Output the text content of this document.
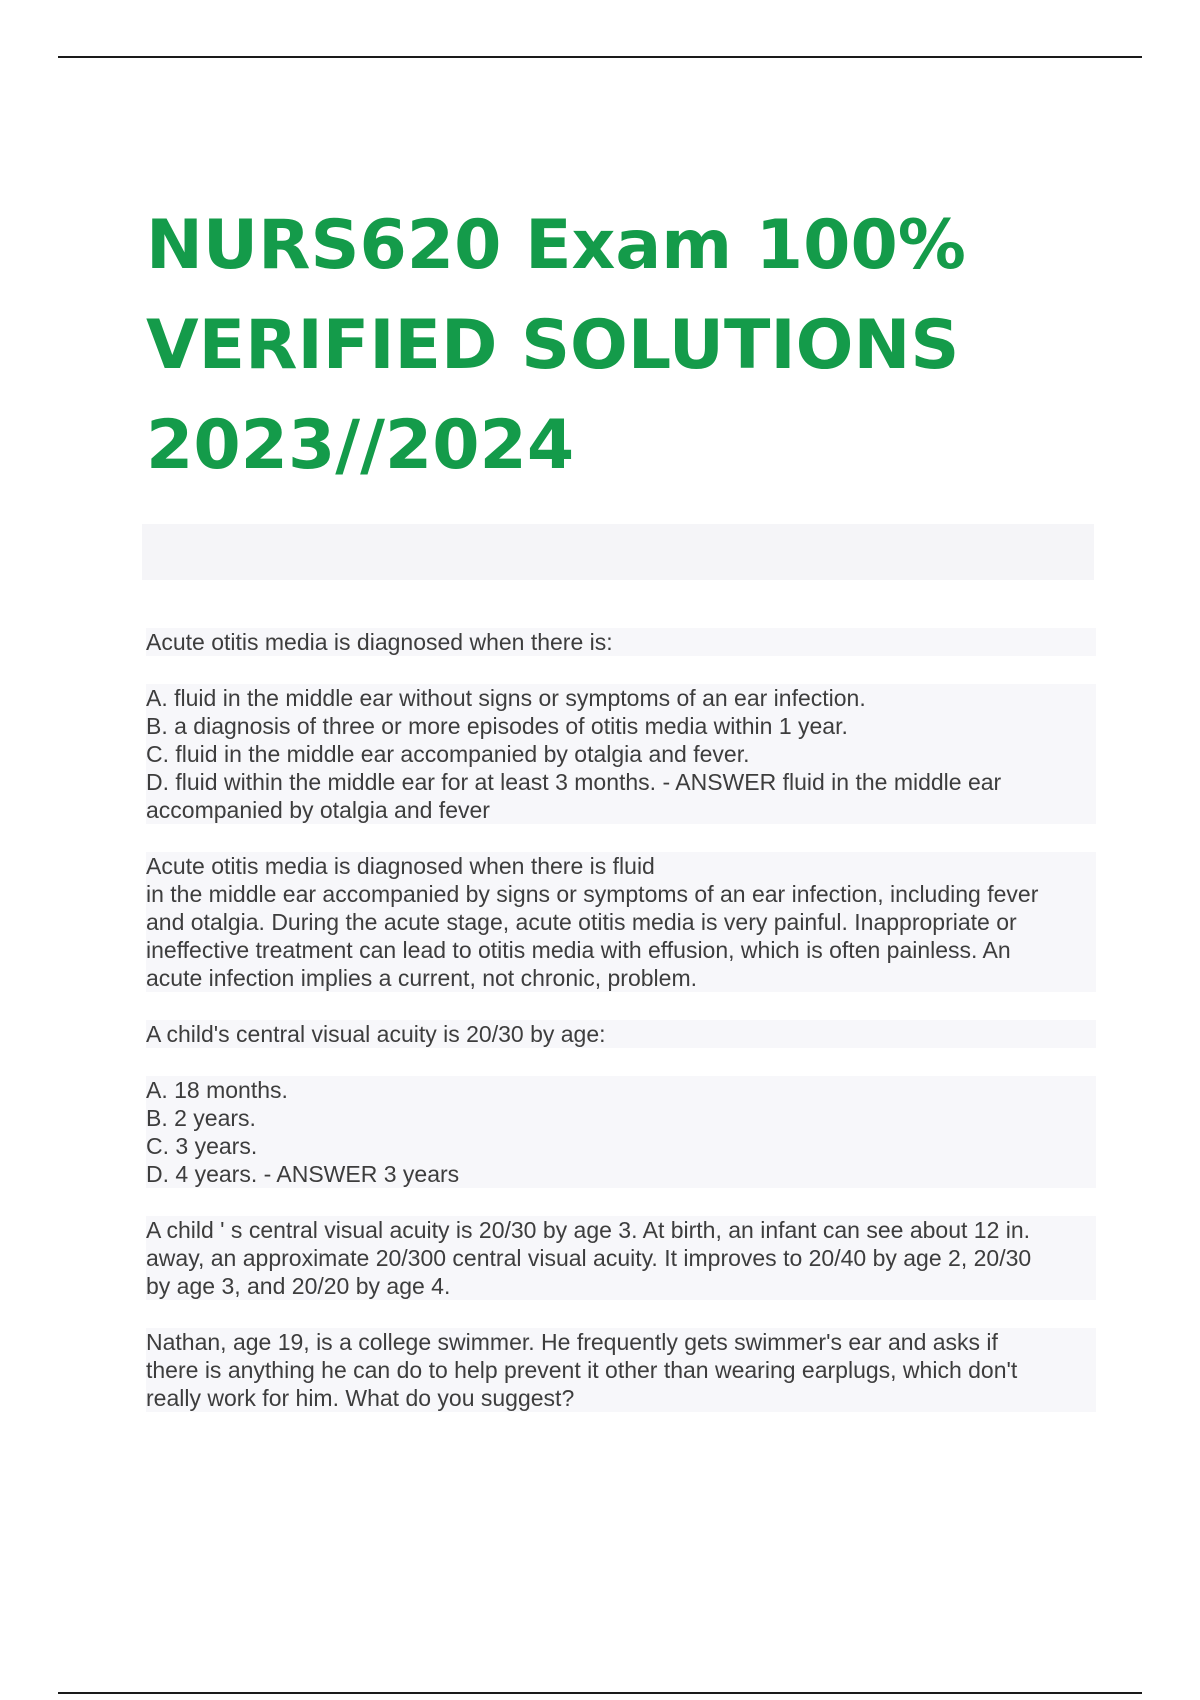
NURS620 Exam 100%
VERIFIED SOLUTIONS
2023//2024

Acute otitis media is diagnosed when there is:

A. fluid in the middle ear without signs or symptoms of an ear infection.
B. a diagnosis of three or more episodes of otitis media within 1 year.
C. fluid in the middle ear accompanied by otalgia and fever.
D. fluid within the middle ear for at least 3 months. - ANSWER fluid in the middle ear
accompanied by otalgia and fever

Acute otitis media is diagnosed when there is fluid
in the middle ear accompanied by signs or symptoms of an ear infection, including fever
and otalgia. During the acute stage, acute otitis media is very painful. Inappropriate or
ineffective treatment can lead to otitis media with effusion, which is often painless. An
acute infection implies a current, not chronic, problem.

A child's central visual acuity is 20/30 by age:

A. 18 months.
B. 2 years.
C. 3 years.
D. 4 years. - ANSWER 3 years

A child ' s central visual acuity is 20/30 by age 3. At birth, an infant can see about 12 in.
away, an approximate 20/300 central visual acuity. It improves to 20/40 by age 2, 20/30
by age 3, and 20/20 by age 4.

Nathan, age 19, is a college swimmer. He frequently gets swimmer's ear and asks if
there is anything he can do to help prevent it other than wearing earplugs, which don't
really work for him. What do you suggest?
